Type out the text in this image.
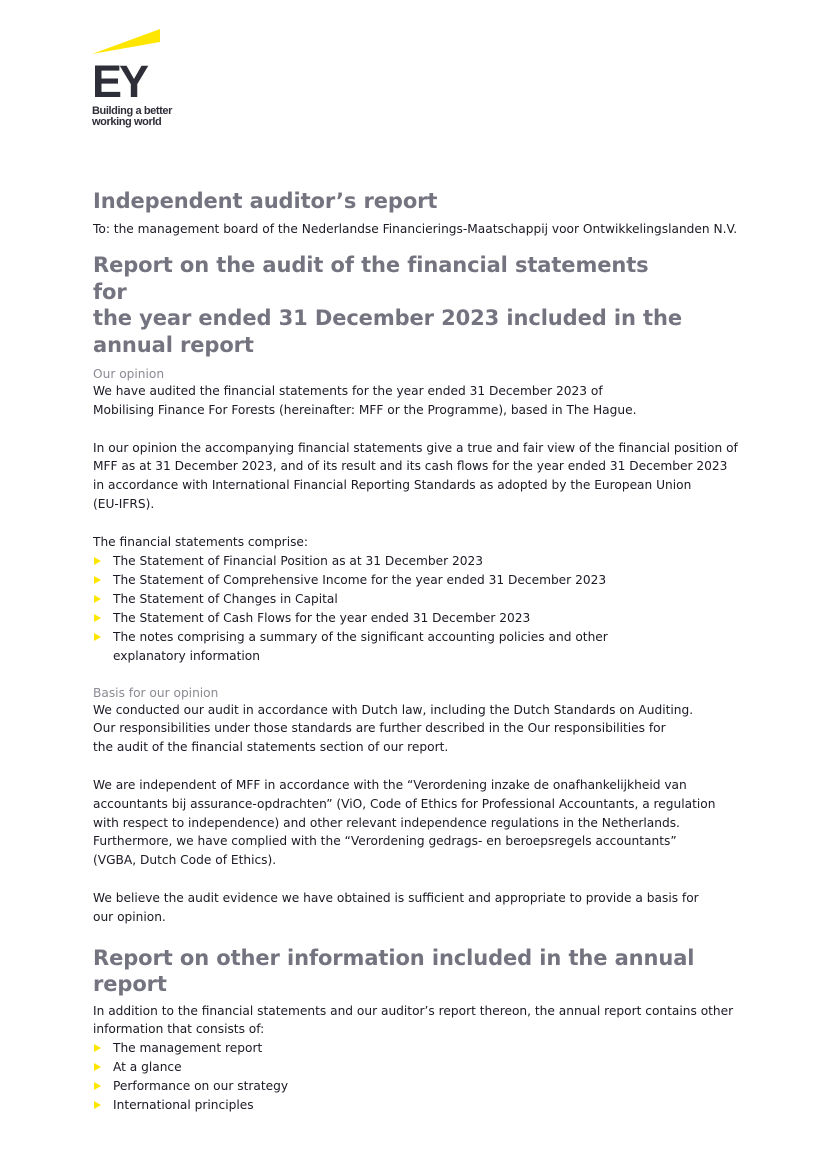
EY
Building a better
working world
Independent auditor’s report

To: the management board of the Nederlandse Financierings-Maatschappij voor Ontwikkelingslanden N.V.

Report on the audit of the financial statements for
the year ended 31 December 2023 included in the
annual report
Our opinion

We have audited the financial statements for the year ended 31 December 2023 of
Mobilising Finance For Forests (hereinafter: MFF or the Programme), based in The Hague.

In our opinion the accompanying financial statements give a true and fair view of the financial position of
MFF as at 31 December 2023, and of its result and its cash flows for the year ended 31 December 2023
in accordance with International Financial Reporting Standards as adopted by the European Union
(EU-IFRS).

The financial statements comprise:

The Statement of Financial Position as at 31 December 2023
The Statement of Comprehensive Income for the year ended 31 December 2023
The Statement of Changes in Capital
The Statement of Cash Flows for the year ended 31 December 2023
The notes comprising a summary of the significant accounting policies and other
explanatory information
Basis for our opinion

We conducted our audit in accordance with Dutch law, including the Dutch Standards on Auditing.
Our responsibilities under those standards are further described in the Our responsibilities for
the audit of the financial statements section of our report.

We are independent of MFF in accordance with the “Verordening inzake de onafhankelijkheid van
accountants bij assurance-opdrachten” (ViO, Code of Ethics for Professional Accountants, a regulation
with respect to independence) and other relevant independence regulations in the Netherlands.
Furthermore, we have complied with the “Verordening gedrags- en beroepsregels accountants”
(VGBA, Dutch Code of Ethics).

We believe the audit evidence we have obtained is sufficient and appropriate to provide a basis for
our opinion.

Report on other information included in the annual report

In addition to the financial statements and our auditor’s report thereon, the annual report contains other
information that consists of:

The management report
At a glance
Performance on our strategy
International principles
